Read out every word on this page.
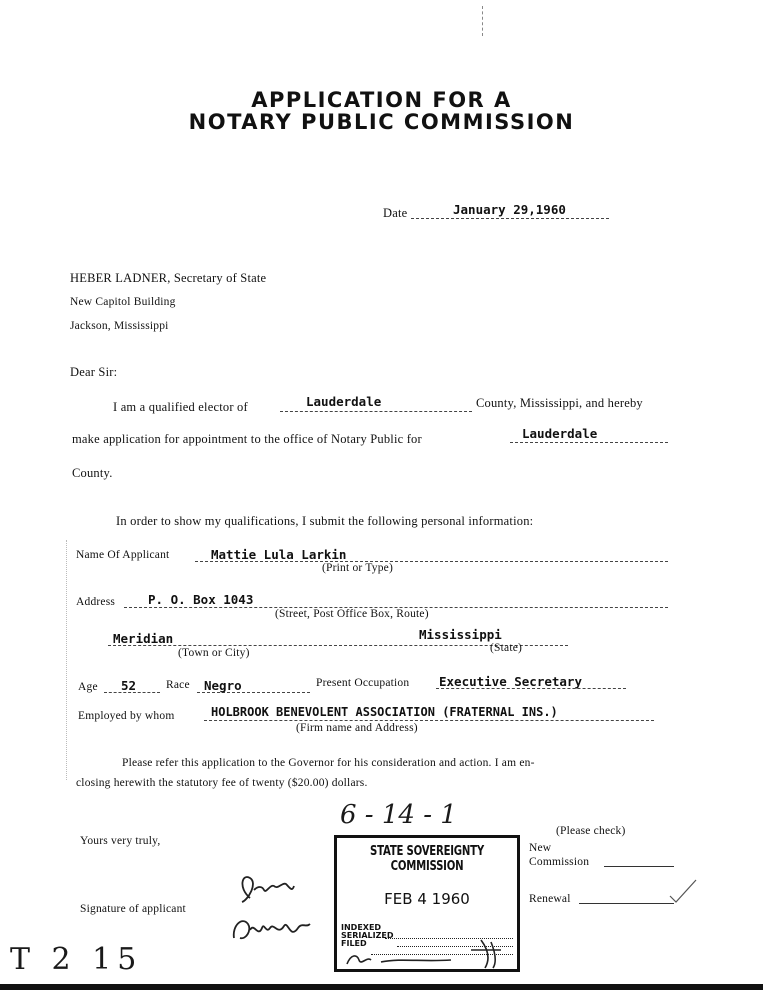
APPLICATION FOR A
NOTARY PUBLIC COMMISSION
Date	January 29,1960
HEBER LADNER, Secretary of State
New Capitol Building
Jackson, Mississippi
Dear Sir:
I am a qualified elector of	Lauderdale	County, Mississippi, and hereby
make application for appointment to the office of Notary Public for	Lauderdale
County.
In order to show my qualifications, I submit the following personal information:
Name Of Applicant	Mattie Lula Larkin
(Print or Type)
Address	P. O. Box 1043
(Street, Post Office Box, Route)
Meridian
(Town or City)
Mississippi
(State)
Age 52	Race Negro	Present Occupation Executive Secretary
Employed by whom	HOLBROOK BENEVOLENT ASSOCIATION (FRATERNAL INS.)
(Firm name and Address)
Please refer this application to the Governor for his consideration and action. I am en-
closing herewith the statutory fee of twenty ($20.00) dollars.
Yours very truly,
Signature of applicant
6 - 14 - 1
STATE SOVEREIGNTY COMMISSION
FEB 4 1960
INDEXED
SERIALIZED
FILED
(Please check)
New
Commission
Renewal
T 2 15
